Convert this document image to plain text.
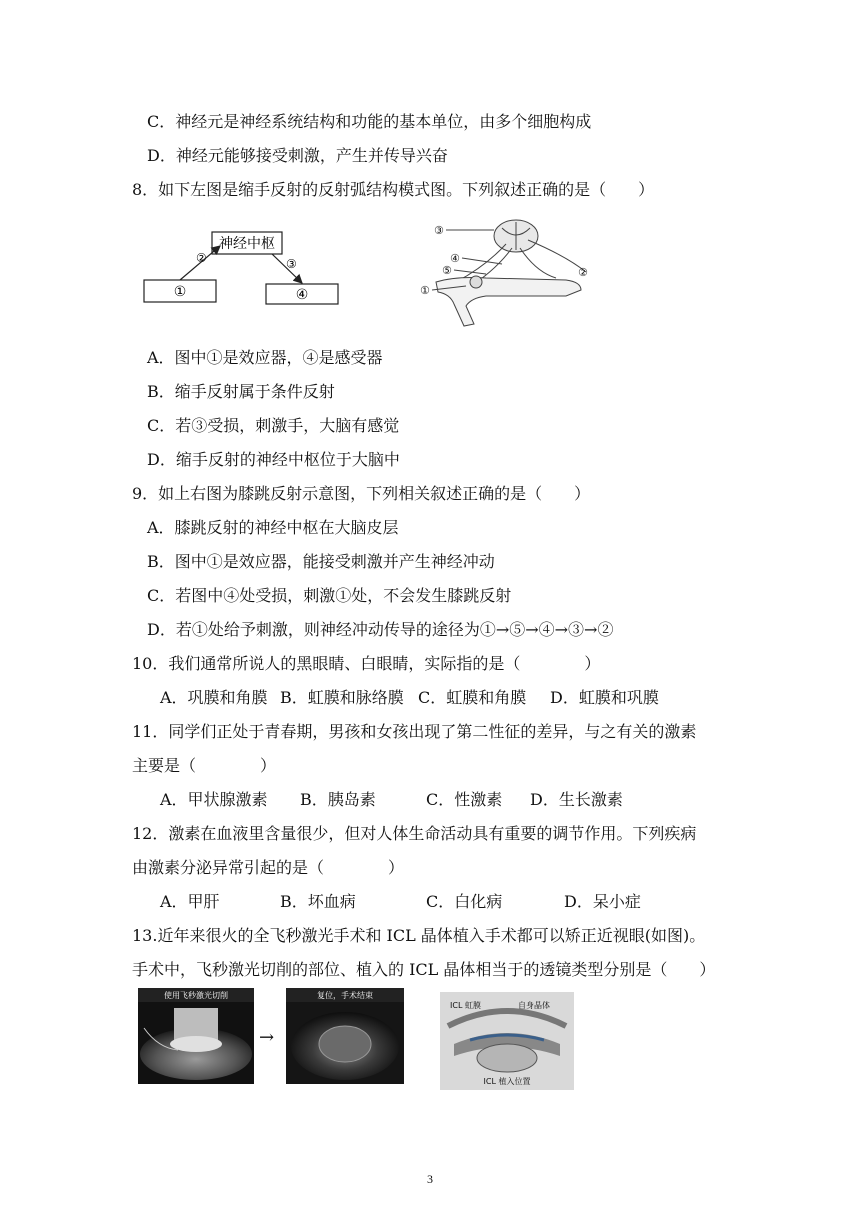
C．神经元是神经系统结构和功能的基本单位，由多个细胞构成
D．神经元能够接受刺激，产生并传导兴奋
8．如下左图是缩手反射的反射弧结构模式图。下列叙述正确的是（　　）
神经中枢
①	④
②	③
③
④
⑤	②
①
A．图中①是效应器，④是感受器
B．缩手反射属于条件反射
C．若③受损，刺激手，大脑有感觉
D．缩手反射的神经中枢位于大脑中
9．如上右图为膝跳反射示意图，下列相关叙述正确的是（　　）
A．膝跳反射的神经中枢在大脑皮层
B．图中①是效应器，能接受刺激并产生神经冲动
C．若图中④处受损，刺激①处，不会发生膝跳反射
D．若①处给予刺激，则神经冲动传导的途径为①→⑤→④→③→②
10．我们通常所说人的黑眼睛、白眼睛，实际指的是（　　　　）
A．巩膜和角膜 B．虹膜和脉络膜 C．虹膜和角膜 D．虹膜和巩膜
11．同学们正处于青春期，男孩和女孩出现了第二性征的差异，与之有关的激素
主要是（　　　　）
A．甲状腺激素 B．胰岛素	C．性激素 D．生长激素
12．激素在血液里含量很少，但对人体生命活动具有重要的调节作用。下列疾病
由激素分泌异常引起的是（　　　　）
A．甲肝	B．坏血病	C．白化病	D．呆小症
13.近年来很火的全飞秒激光手术和 ICL 晶体植入手术都可以矫正近视眼(如图)。
手术中，飞秒激光切削的部位、植入的 ICL 晶体相当于的透镜类型分别是（　　）
使用飞秒激光切削
→
复位，手术结束
ICL 虹膜	自身晶体
ICL 植入位置
3
